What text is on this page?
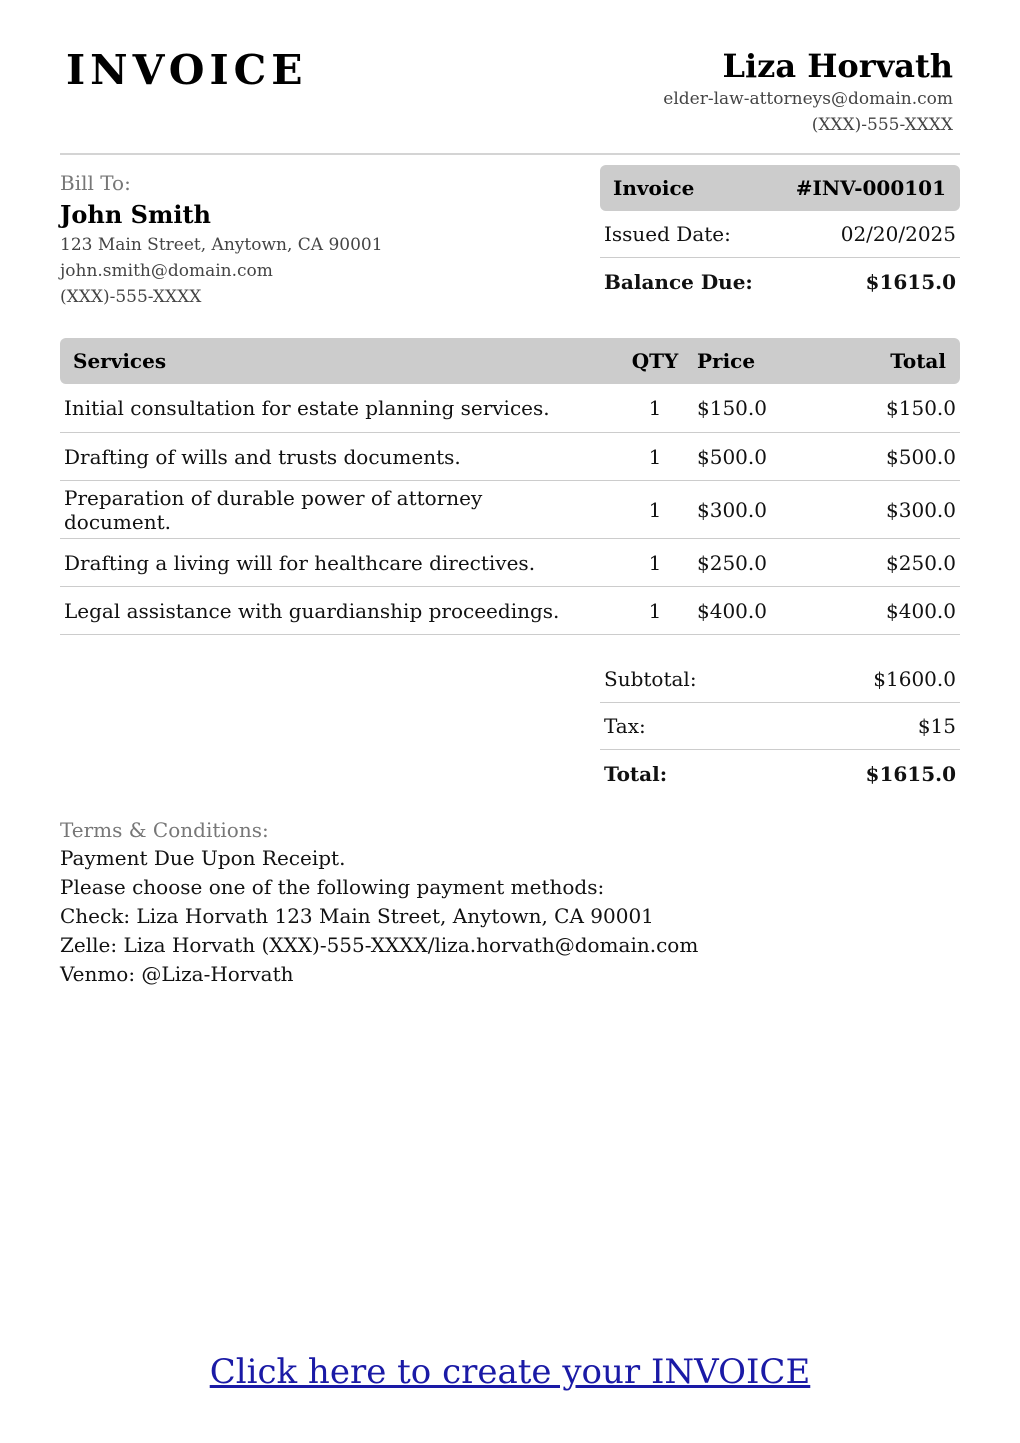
INVOICE	Liza Horvath
elder-law-attorneys@domain.com
(XXX)-555-XXXX
Bill To:
John Smith
123 Main Street, Anytown, CA 90001
john.smith@domain.com
(XXX)-555-XXXX
Invoice	#INV-000101
Issued Date:	02/20/2025
Balance Due:	$1615.0
Services	QTY Price	Total
Initial consultation for estate planning services.	1	$150.0	$150.0
Drafting of wills and trusts documents.	1	$500.0	$500.0
Preparation of durable power of attorney document.	1	$300.0	$300.0
Drafting a living will for healthcare directives.	1	$250.0	$250.0
Legal assistance with guardianship proceedings.	1	$400.0	$400.0
Subtotal:	$1600.0
Tax:	$15
Total:	$1615.0
Terms & Conditions:
Payment Due Upon Receipt.
Please choose one of the following payment methods:
Check: Liza Horvath 123 Main Street, Anytown, CA 90001
Zelle: Liza Horvath (XXX)-555-XXXX/liza.horvath@domain.com
Venmo: @Liza-Horvath
Click here to create your INVOICE
